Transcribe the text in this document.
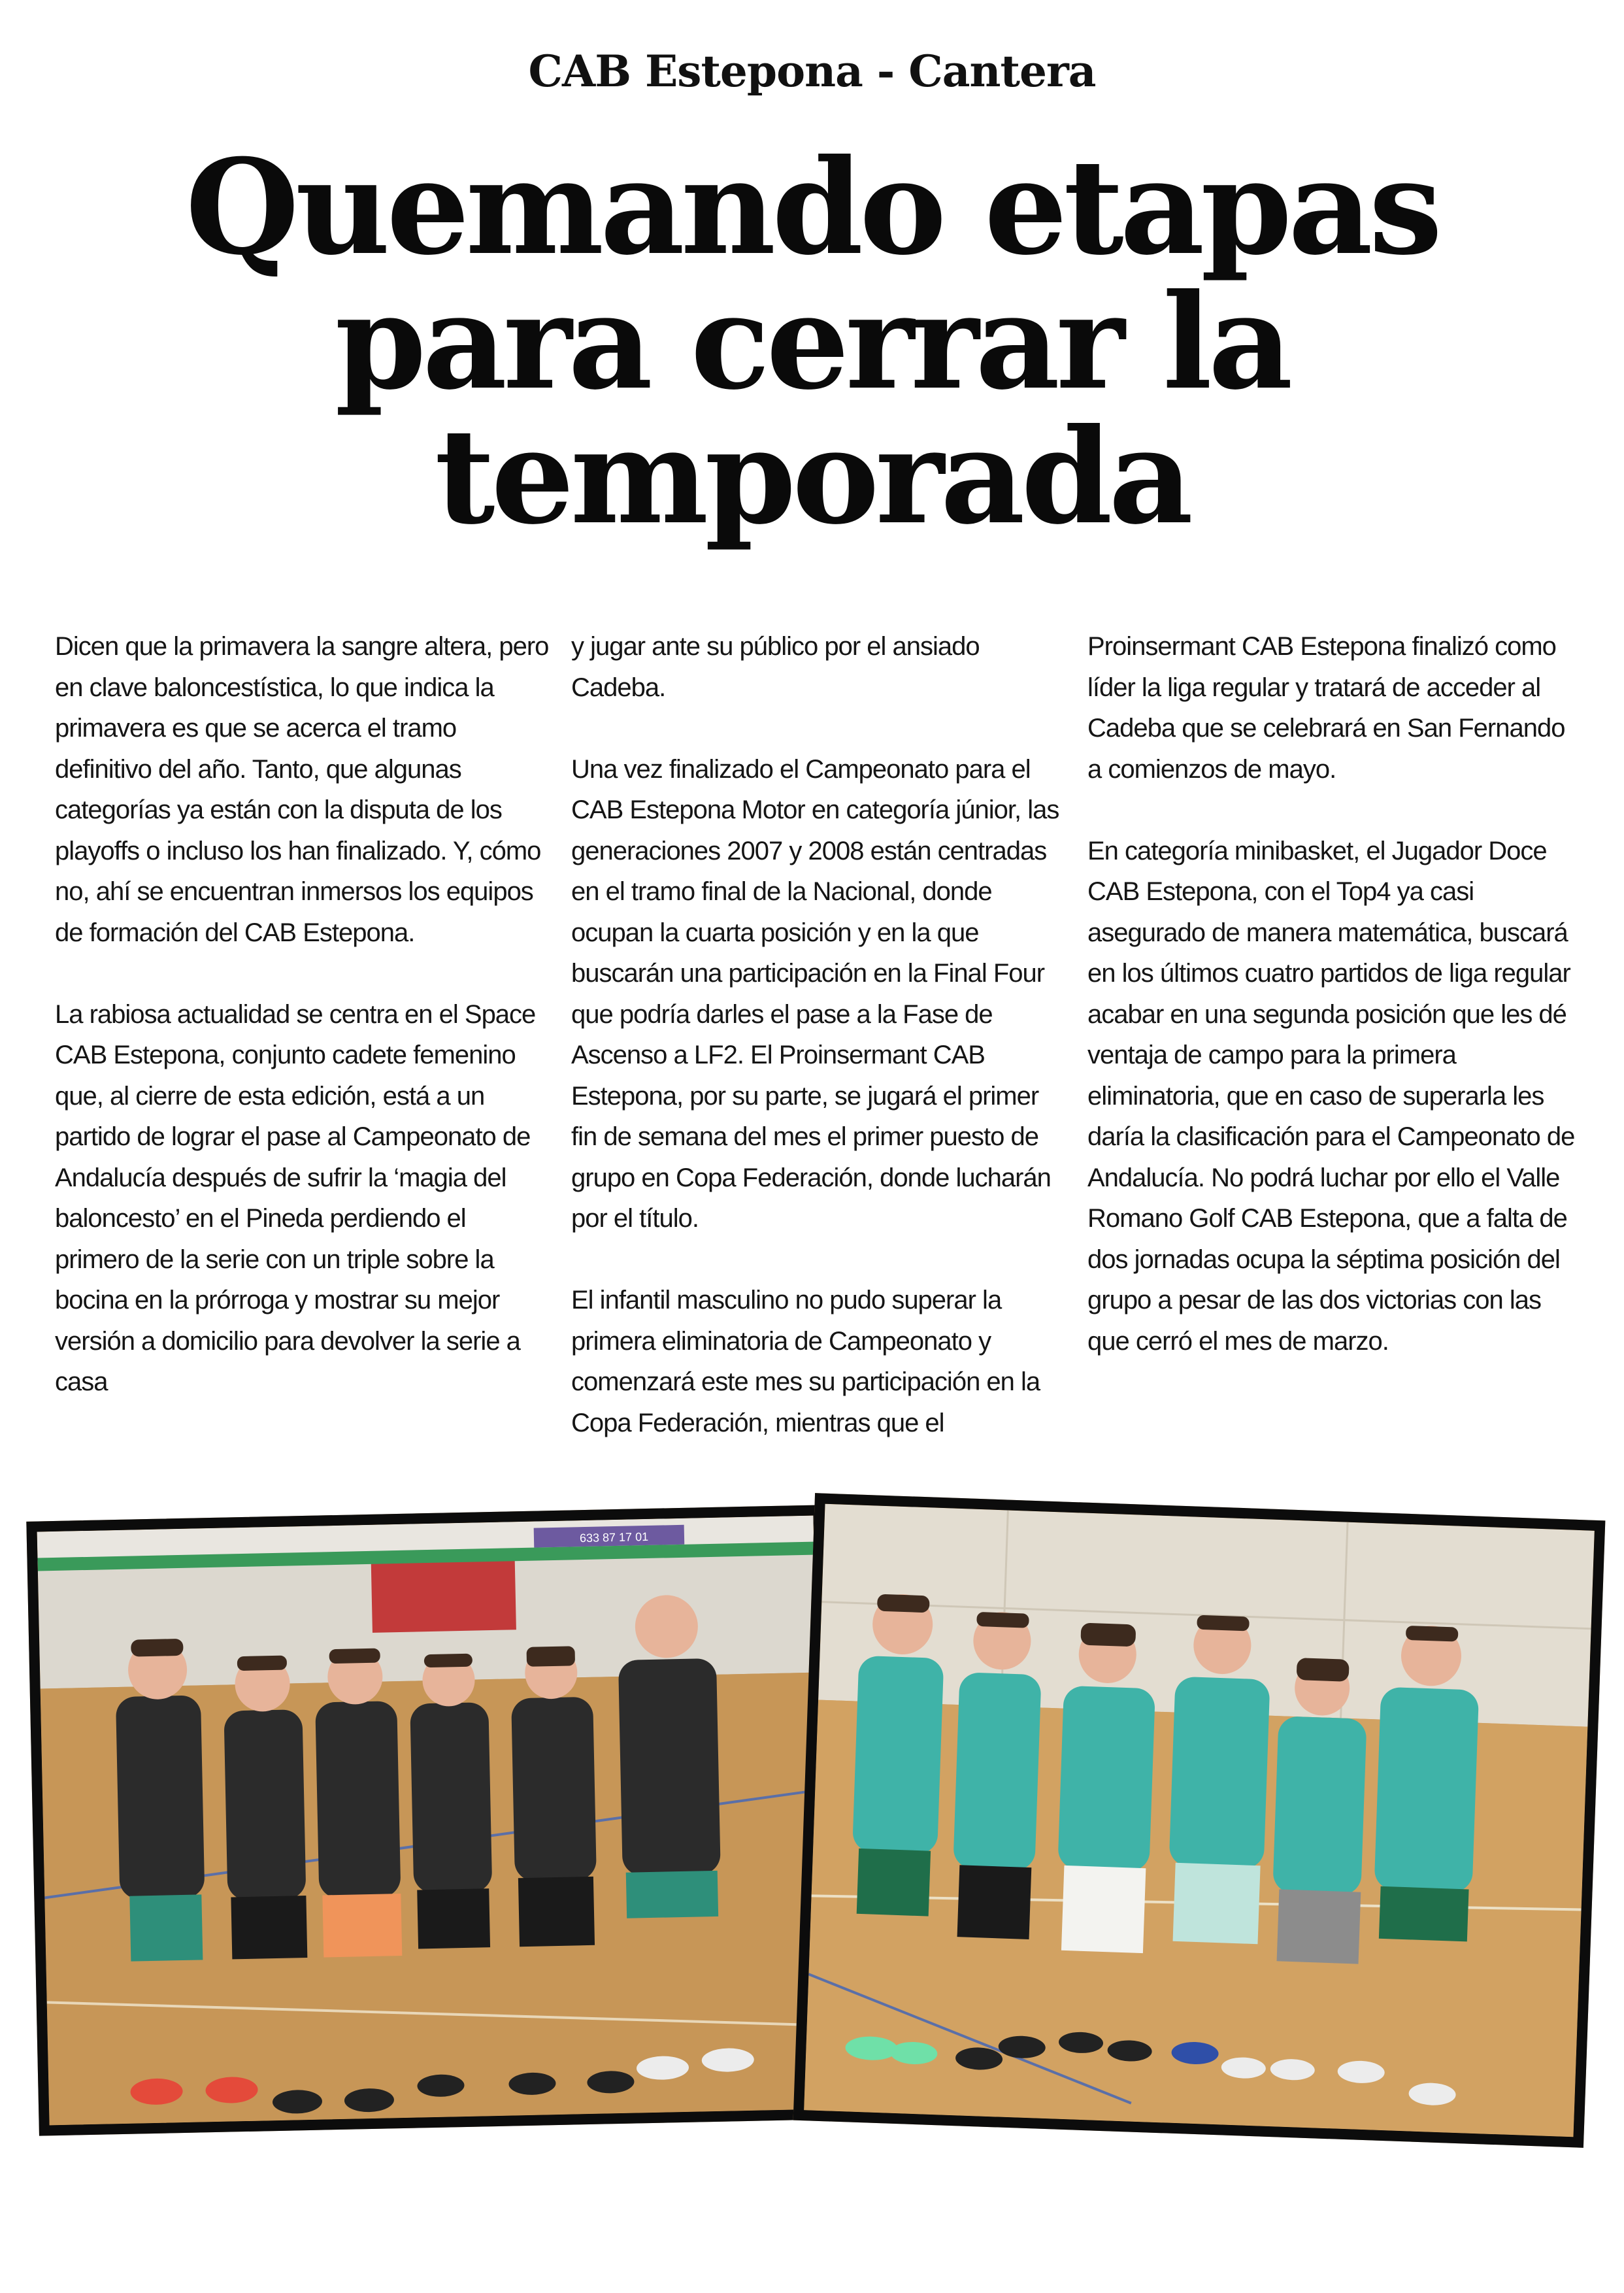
CAB Estepona - Cantera
Quemando etapas
para cerrar la
temporada

Dicen que la primavera la sangre altera, pero en clave baloncestística, lo que indica la primavera es que se acerca el tramo definitivo del año. Tanto, que algunas categorías ya están con la disputa de los playoffs o incluso los han finalizado. Y, cómo no, ahí se encuentran inmersos los equipos de formación del CAB Estepona.

La rabiosa actualidad se centra en el Space CAB Estepona, conjunto cadete femenino que, al cierre de esta edición, está a un partido de lograr el pase al Campeonato de Andalucía después de sufrir la ‘magia del baloncesto’ en el Pineda perdiendo el primero de la serie con un triple sobre la bocina en la prórroga y mostrar su mejor versión a domicilio para devolver la serie a casa

y jugar ante su público por el ansiado Cadeba.

Una vez finalizado el Campeonato para el CAB Estepona Motor en categoría júnior, las generaciones 2007 y 2008 están centradas en el tramo final de la Nacional, donde ocupan la cuarta posición y en la que buscarán una participación en la Final Four que podría darles el pase a la Fase de Ascenso a LF2. El Proinsermant CAB Estepona, por su parte, se jugará el primer fin de semana del mes el primer puesto de grupo en Copa Federación, donde lucharán por el título.

El infantil masculino no pudo superar la primera eliminatoria de Campeonato y comenzará este mes su participación en la Copa Federación, mientras que el

Proinsermant CAB Estepona finalizó como líder la liga regular y tratará de acceder al Cadeba que se celebrará en San Fernando a comienzos de mayo.

En categoría minibasket, el Jugador Doce CAB Estepona, con el Top4 ya casi asegurado de manera matemática, buscará en los últimos cuatro partidos de liga regular acabar en una segunda posición que les dé ventaja de campo para la primera eliminatoria, que en caso de superarla les daría la clasificación para el Campeonato de Andalucía. No podrá luchar por ello el Valle Romano Golf CAB Estepona, que a falta de dos jornadas ocupa la séptima posición del grupo a pesar de las dos victorias con las que cerró el mes de marzo.

633 87 17 01
